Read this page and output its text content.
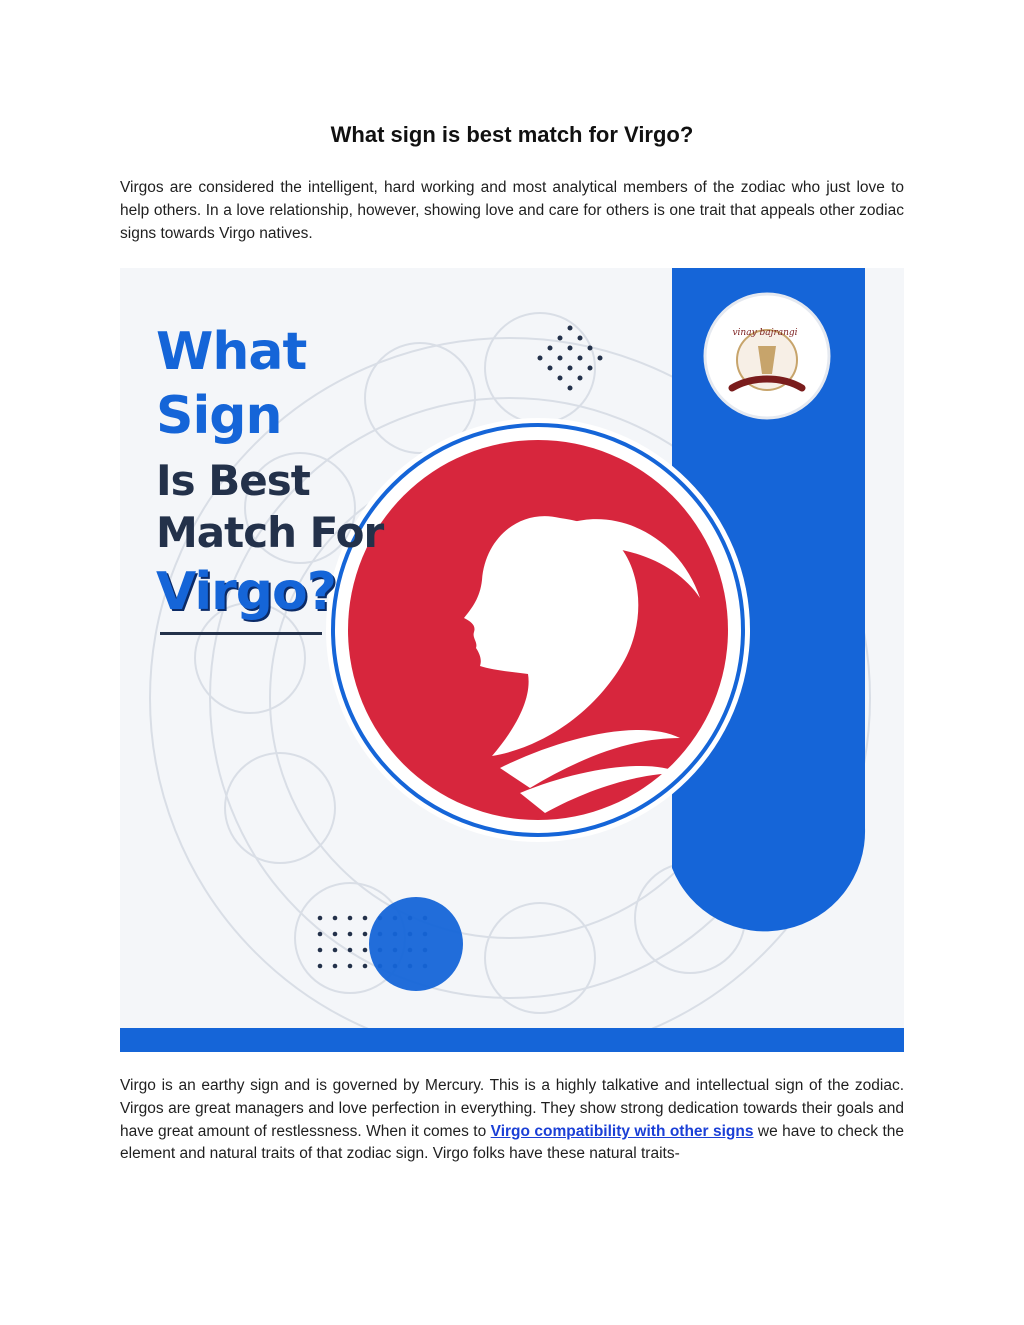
What sign is best match for Virgo?

Virgos are considered the intelligent, hard working and most analytical members of the zodiac who just love to help others. In a love relationship, however, showing love and care for others is one trait that appeals other zodiac signs towards Virgo natives.

What
Sign
Is Best
Match For
Virgo?
vinay bajrangi

Virgo is an earthy sign and is governed by Mercury. This is a highly talkative and intellectual sign of the zodiac. Virgos are great managers and love perfection in everything. They show strong dedication towards their goals and have great amount of restlessness. When it comes to Virgo compatibility with other signs we have to check the element and natural traits of that zodiac sign. Virgo folks have these natural traits-
